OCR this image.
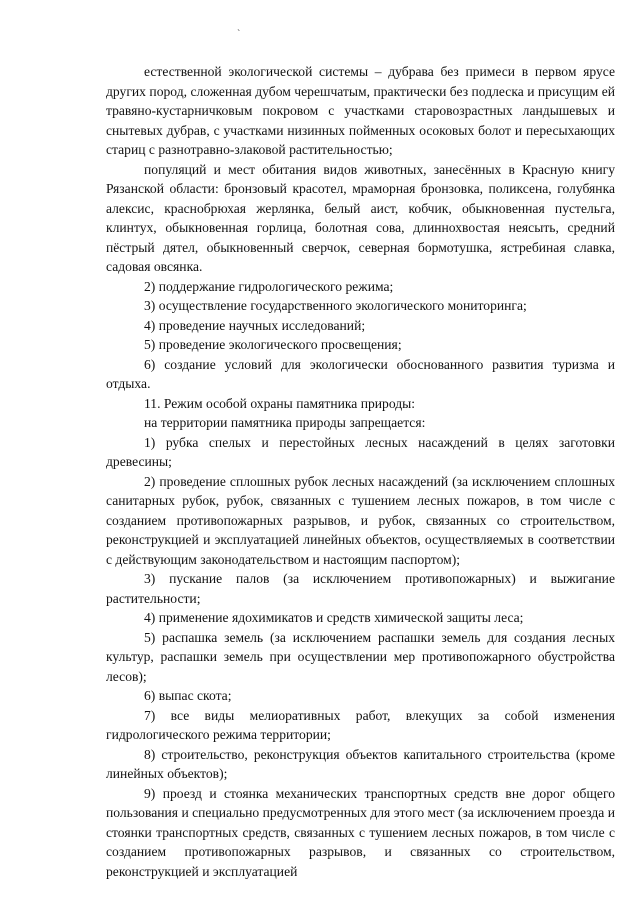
`

естественной экологической системы – дубрава без примеси в первом ярусе других пород, сложенная дубом черешчатым, практически без подлеска и присущим ей травяно-кустарничковым покровом с участками старовозрастных ландышевых и снытевых дубрав, с участками низинных пойменных осоковых болот и пересыхающих стариц с разнотравно-злаковой растительностью;

популяций и мест обитания видов животных, занесённых в Красную книгу Рязанской области: бронзовый красотел, мраморная бронзовка, поликсена, голубянка алексис, краснобрюхая жерлянка, белый аист, кобчик, обыкновенная пустельга, клинтух, обыкновенная горлица, болотная сова, длиннохвостая неясыть, средний пёстрый дятел, обыкновенный сверчок, северная бормотушка, ястребиная славка, садовая овсянка.

2) поддержание гидрологического режима;

3) осуществление государственного экологического мониторинга;

4) проведение научных исследований;

5) проведение экологического просвещения;

6) создание условий для экологически обоснованного развития туризма и отдыха.

11. Режим особой охраны памятника природы:

на территории памятника природы запрещается:

1) рубка спелых и перестойных лесных насаждений в целях заготовки древесины;

2) проведение сплошных рубок лесных насаждений (за исключением сплошных санитарных рубок, рубок, связанных с тушением лесных пожаров, в том числе с созданием противопожарных разрывов, и рубок, связанных со строительством, реконструкцией и эксплуатацией линейных объектов, осуществляемых в соответствии с действующим законодательством и настоящим паспортом);

3) пускание палов (за исключением противопожарных) и выжигание растительности;

4) применение ядохимикатов и средств химической защиты леса;

5) распашка земель (за исключением распашки земель для создания лесных культур, распашки земель при осуществлении мер противопожарного обустройства лесов);

6) выпас скота;

7) все виды мелиоративных работ, влекущих за собой изменения гидрологического режима территории;

8) строительство, реконструкция объектов капитального строительства (кроме линейных объектов);

9) проезд и стоянка механических транспортных средств вне дорог общего пользования и специально предусмотренных для этого мест (за исключением проезда и стоянки транспортных средств, связанных с тушением лесных пожаров, в том числе с созданием противопожарных разрывов, и связанных со строительством, реконструкцией и эксплуатацией
